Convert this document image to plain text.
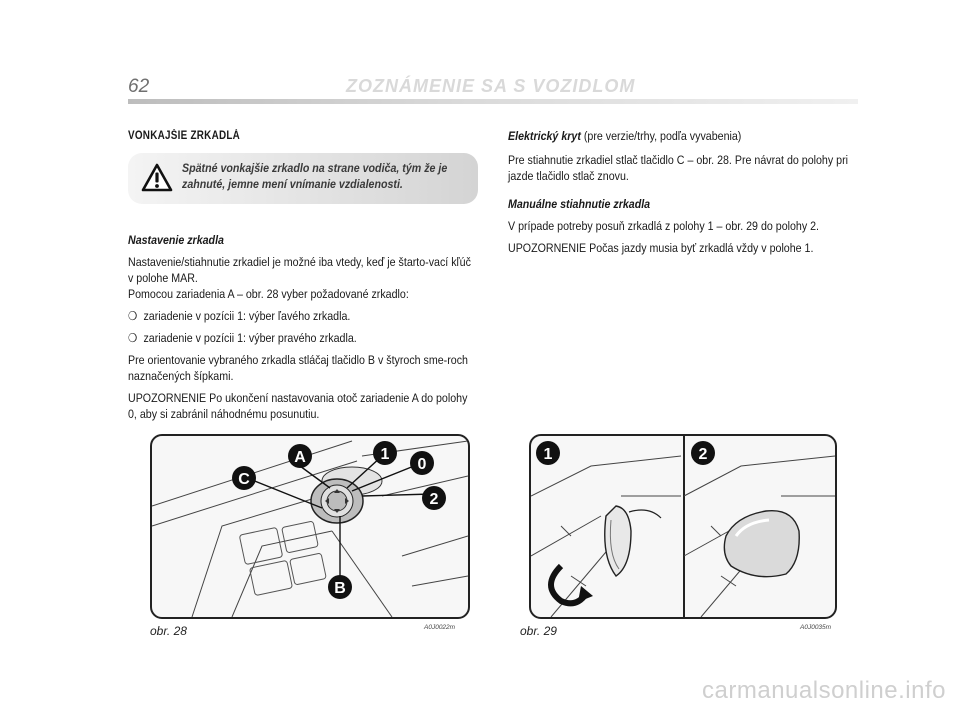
62	ZOZNÁMENIE SA S VOZIDLOM
VONKAJŠIE ZRKADLÁ
Nastavenie zrkadla

Nastavenie/stiahnutie zrkadiel je možné iba vtedy, keď je štarto-vací kľúč v polohe MAR.

Pomocou zariadenia A – obr. 28 vyber požadované zrkadlo:

❍ zariadenie v pozícii 1: výber ľavého zrkadla.
❍ zariadenie v pozícii 1: výber pravého zrkadla.

Pre orientovanie vybraného zrkadla stláčaj tlačidlo B v štyroch sme-roch naznačených šípkami.

UPOZORNENIE Po ukončení nastavovania otoč zariadenie A do polohy 0, aby si zabránil náhodnému posunutiu.

Spätné vonkajšie zrkadlo na strane vodiča, tým že je zahnuté, jemne mení vnímanie vzdialenosti.

Elektrický kryt (pre verzie/trhy, podľa vyvabenia)

Pre stiahnutie zrkadiel stlač tlačidlo C – obr. 28. Pre návrat do polohy pri jazde tlačidlo stlač znovu.

Manuálne stiahnutie zrkadla

V prípade potreby posuň zrkadlá z polohy 1 – obr. 29 do polohy 2.

UPOZORNENIE Počas jazdy musia byť zrkadlá vždy v polohe 1.

A	1
0
2
C
B
obr. 28	A0J0022m
1	2
obr. 29	A0J0035m
carmanualsonline.info
